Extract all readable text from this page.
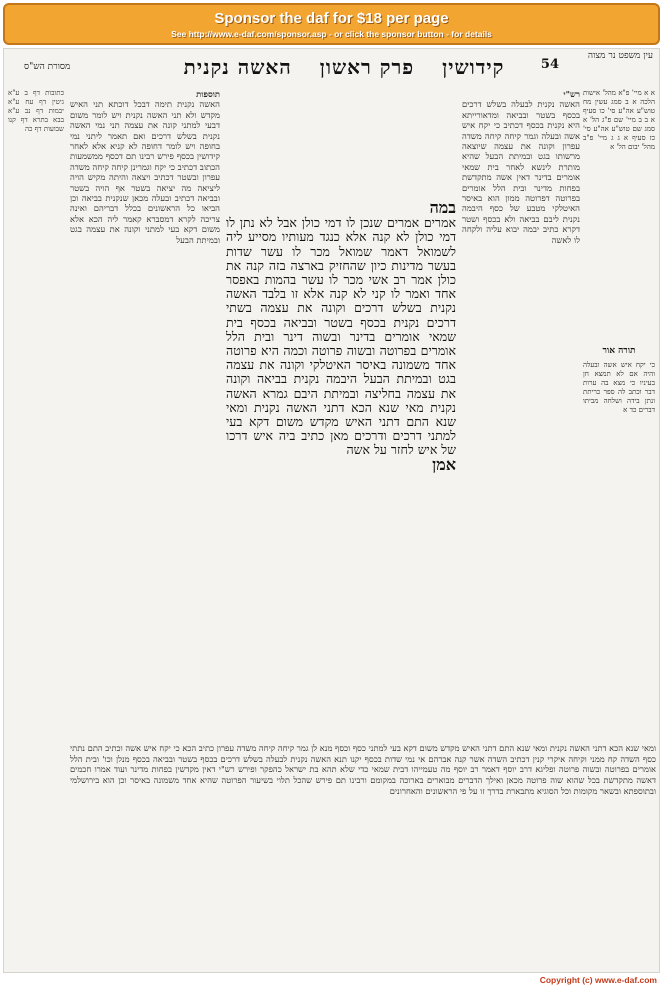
Sponsor the daf for $18 per page
See http://www.e-daf.com/sponsor.asp - or click the sponsor button - for details
מסורת הש"ס	קידושין פרק ראשון האשה נקנית	54
עין משפט נר מצוה

כתובות דף ב ע"א גיטין דף עח ע"א יבמות דף נב ע"א בבא בתרא דף קנו שבועות דף כה

תוספות

האשה נקנית תימה דבכל דוכתא תני האיש מקדש ולא תני האשה נקנית ויש לומר משום דבעי למתני קונה את עצמה תני נמי האשה נקנית בשלש דרכים ואם תאמר ליתני נמי בחופה ויש לומר דחופה לא קניא אלא לאחר קידושין בכסף פירש רבינו תם דכסף ממשמעות הכתוב דכתיב כי יקח וגמרינן קיחה קיחה משדה עפרון ובשטר דכתיב ויצאה והיתה מקיש הויה ליציאה מה יציאה בשטר אף הויה בשטר ובביאה דכתיב ובעלה מכאן שנקנית בביאה וכן הביאו כל הראשונים בכלל דבריהם ואינה צריכה לקרא דמסברא קאמר ליה הכא אלא משום דקא בעי למתני וקונה את עצמה בגט ובמיתת הבעל

במה

אמרים אמרים שנכן לו דמי כולן אבל לא נתן לו דמי כולן לא קנה אלא כנגד מעותיו מסייע ליה לשמואל דאמר שמואל מכר לו עשר שדות בעשר מדינות כיון שהחזיק בארצה בזה קנה את כולן אמר רב אשי מכר לו עשר בהמות באפסר אחד ואמר לו קני לא קנה אלא זו בלבד האשה נקנית בשלש דרכים וקונה את עצמה בשתי דרכים נקנית בכסף בשטר ובביאה בכסף בית שמאי אומרים בדינר ובשוה דינר ובית הלל אומרים בפרוטה ובשוה פרוטה וכמה היא פרוטה אחד משמונה באיסר האיטלקי וקונה את עצמה בגט ובמיתת הבעל היבמה נקנית בביאה וקונה את עצמה בחליצה ובמיתת היבם גמרא האשה נקנית מאי שנא הכא דתני האשה נקנית ומאי שנא התם דתני האיש מקדש משום דקא בעי למתני דרכים ודרכים מאן כתיב ביה איש דרכו של איש לחזר על אשה

אמן

רש"י

האשה נקנית לבעלה בשלש דרכים בכסף בשטר ובביאה ומדאורייתא היא נקנית בכסף דכתיב כי יקח איש אשה ובעלה וגמר קיחה קיחה משדה עפרון וקונה את עצמה שיוצאה מרשותו בגט ובמיתת הבעל שהיא מותרת לינשא לאחר בית שמאי אומרים בדינר דאין אשה מתקדשת בפחות מדינר ובית הלל אומרים בפרוטה דפרוטה ממון הוא באיסר האיטלקי מטבע של כסף היבמה נקנית ליבם בביאה ולא בכסף ושטר דקרא כתיב יבמה יבוא עליה ולקחה לו לאשה

א א מיי' פ"א מהל' אישות הלכה א ב סמג עשין מח טוש"ע אה"ע סי' כו סעיף א ב ב מיי' שם פ"ג הל' א סמג שם טוש"ע אה"ע סי' כז סעיף א ג ג מיי' פ"ב מהל' יבום הל' א

תורה אור

כי יקח איש אשה ובעלה והיה אם לא תמצא חן בעיניו כי מצא בה ערות דבר וכתב לה ספר כריתת ונתן בידה ושלחה מביתו דברים כד א

ומאי שנא הכא דתני האשה נקנית ומאי שנא התם דתני האיש מקדש משום דקא בעי למתני כסף וכסף מנא לן גמר קיחה קיחה משדה עפרון כתיב הכא כי יקח איש אשה וכתיב התם נתתי כסף השדה קח ממני וקיחה איקרי קנין דכתיב השדה אשר קנה אברהם אי נמי שדות בכסף יקנו תנא האשה נקנית לבעלה בשלש דרכים בכסף בשטר ובביאה בכסף מנלן וכו' ובית הלל אומרים בפרוטה ובשוה פרוטה ופליגא דרב יוסף דאמר רב יוסף מה טעמייהו דבית שמאי כדי שלא תהא בת ישראל כהפקר ופירש רש"י דאין מקדשין בפחות מדינר ועוד אמרו חכמים דאשה מתקדשת בכל שהוא שוה פרוטה מכאן ואילך הדברים מבוארים בארוכה במקומם ורבינו תם פירש שהכל תלוי בשיעור הפרוטה שהיא אחד משמונה באיסר וכן הוא בירושלמי ובתוספתא ובשאר מקומות וכל הסוגיא מתבארת בדרך זו על פי הראשונים והאחרונים

Copyright (c) www.e-daf.com
